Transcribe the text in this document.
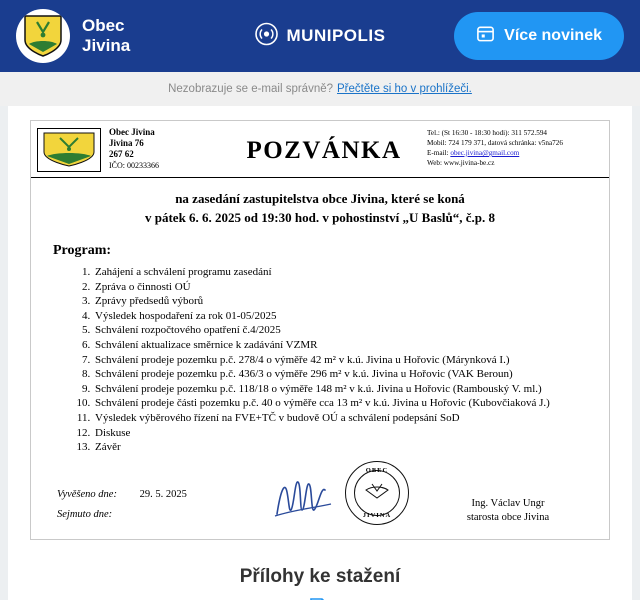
Obec
Jivina
MUNIPOLIS	Více novinek
Nezobrazuje se e-mail správně? Přečtěte si ho v prohlížeči.
Obec Jivina
Jivina 76
267 62
IČO: 00233366
POZVÁNKA
Tel.: (St 16:30 - 18:30 hodi): 311 572.594
Mobil: 724 179 371, datová schránka: v5na726
E-mail: obec.jivina@gmail.com
Web: www.jivina-be.cz
na zasedání zastupitelstva obce Jivina, které se koná
v pátek 6. 6. 2025 od 19:30 hod. v pohostinství „U Baslů“, č.p. 8
Program:
1. Zahájení a schválení programu zasedání
2. Zpráva o činnosti OÚ
3. Zprávy předsedů výborů
4. Výsledek hospodaření za rok 01-05/2025
5. Schválení rozpočtového opatření č.4/2025
6. Schválení aktualizace směrnice k zadávání VZMR
7. Schválení prodeje pozemku p.č. 278/4 o výměře 42 m² v k.ú. Jivina u Hořovic (Márynková I.)
8. Schválení prodeje pozemku p.č. 436/3 o výměře 296 m² v k.ú. Jivina u Hořovic (VAK Beroun)
9. Schválení prodeje pozemku p.č. 118/18 o výměře 148 m² v k.ú. Jivina u Hořovic (Rambouský V. ml.)
10. Schválení prodeje části pozemku p.č. 40 o výměře cca 13 m² v k.ú. Jivina u Hořovic (Kubovčiaková J.)
11. Výsledek výběrového řízení na FVE+TČ v budově OÚ a schválení podepsání SoD
12. Diskuse
13. Závěr
Vyvěšeno dne: 29. 5. 2025
Sejmuto dne:
OBEC
JIVINA
Ing. Václav Ungr
starosta obce Jivina
Přílohy ke stažení
